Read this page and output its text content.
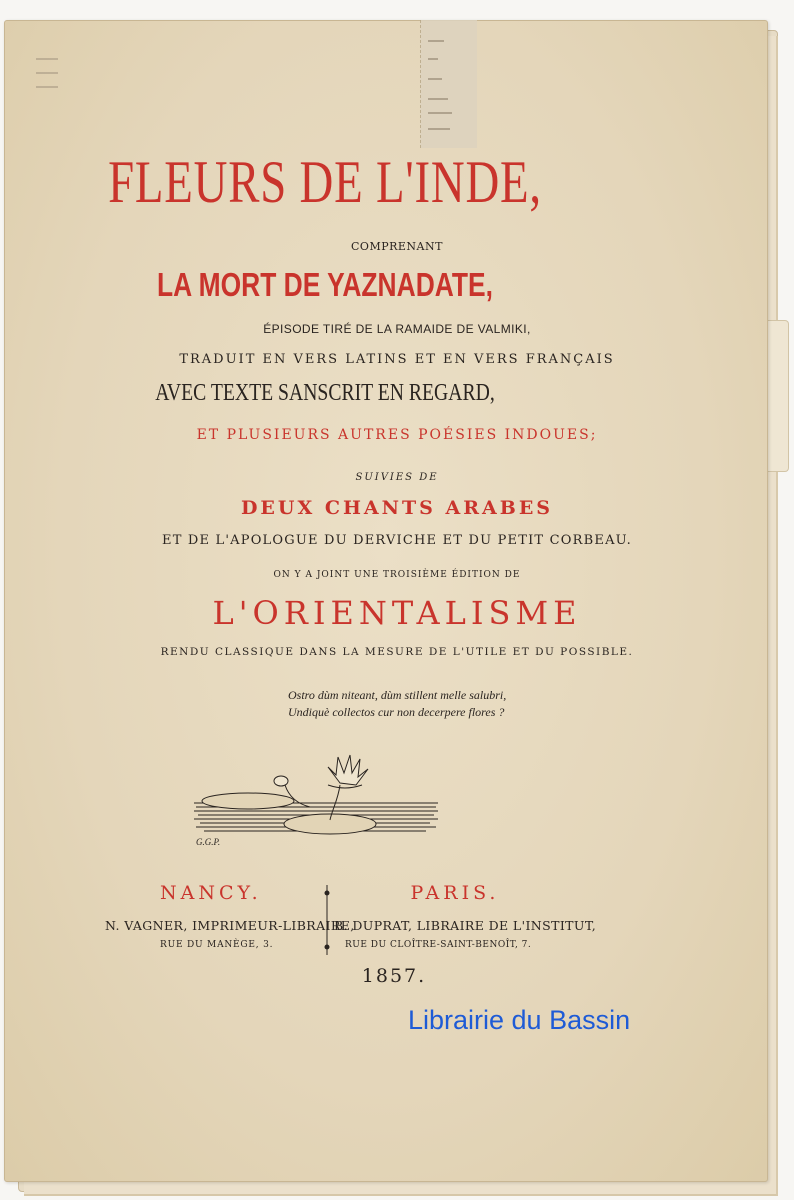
FLEURS DE L'INDE,
COMPRENANT
LA MORT DE YAZNADATE,
ÉPISODE TIRÉ DE LA RAMAIDE DE VALMIKI,
TRADUIT EN VERS LATINS ET EN VERS FRANÇAIS
AVEC TEXTE SANSCRIT EN REGARD,
ET PLUSIEURS AUTRES POÉSIES INDOUES;
SUIVIES DE
DEUX CHANTS ARABES
ET DE L'APOLOGUE DU DERVICHE ET DU PETIT CORBEAU.
ON Y A JOINT UNE TROISIÈME ÉDITION DE
L'ORIENTALISME
RENDU CLASSIQUE DANS LA MESURE DE L'UTILE ET DU POSSIBLE.
Ostro dùm niteant, dùm stillent melle salubri,
Undiquè collectos cur non decerpere flores ?
G.G.P.
NANCY.	PARIS.
N. VAGNER, IMPRIMEUR-LIBRAIRE,
B. DUPRAT, LIBRAIRE DE L'INSTITUT,
RUE DU MANÈGE, 3.	RUE DU CLOÎTRE-SAINT-BENOÎT, 7.
1857.
Librairie du Bassin
